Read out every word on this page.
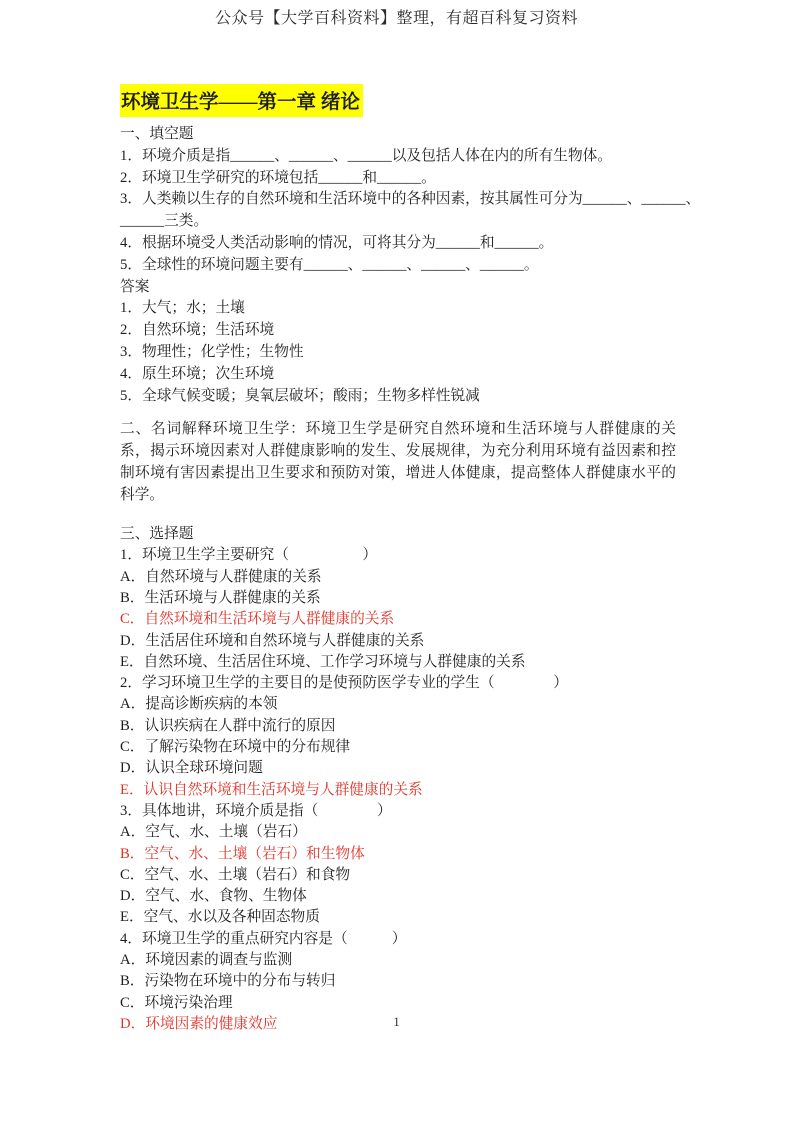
公众号【大学百科资料】整理，有超百科复习资料
环境卫生学——第一章 绪论
一、填空题
1．环境介质是指______、______、______以及包括人体在内的所有生物体。
2．环境卫生学研究的环境包括______和______。
3．人类赖以生存的自然环境和生活环境中的各种因素，按其属性可分为______、______、
______三类。
4．根据环境受人类活动影响的情况，可将其分为______和______。
5．全球性的环境问题主要有______、______、______、______。
答案
1．大气；水；土壤
2．自然环境；生活环境
3．物理性；化学性；生物性
4．原生环境；次生环境
5．全球气候变暖；臭氧层破坏；酸雨；生物多样性锐减

二、名词解释环境卫生学：环境卫生学是研究自然环境和生活环境与人群健康的关系，揭示环境因素对人群健康影响的发生、发展规律，为充分利用环境有益因素和控制环境有害因素提出卫生要求和预防对策，增进人体健康，提高整体人群健康水平的科学。

三、选择题
1．环境卫生学主要研究（　　　　　）
A．自然环境与人群健康的关系
B．生活环境与人群健康的关系
C．自然环境和生活环境与人群健康的关系
D．生活居住环境和自然环境与人群健康的关系
E．自然环境、生活居住环境、工作学习环境与人群健康的关系
2．学习环境卫生学的主要目的是使预防医学专业的学生（　　　　）
A．提高诊断疾病的本领
B．认识疾病在人群中流行的原因
C．了解污染物在环境中的分布规律
D．认识全球环境问题
E．认识自然环境和生活环境与人群健康的关系
3．具体地讲，环境介质是指（　　　　）
A．空气、水、土壤（岩石）
B．空气、水、土壤（岩石）和生物体
C．空气、水、土壤（岩石）和食物
D．空气、水、食物、生物体
E．空气、水以及各种固态物质
4．环境卫生学的重点研究内容是（　　　）
A．环境因素的调查与监测
B．污染物在环境中的分布与转归
C．环境污染治理
D．环境因素的健康效应	1
